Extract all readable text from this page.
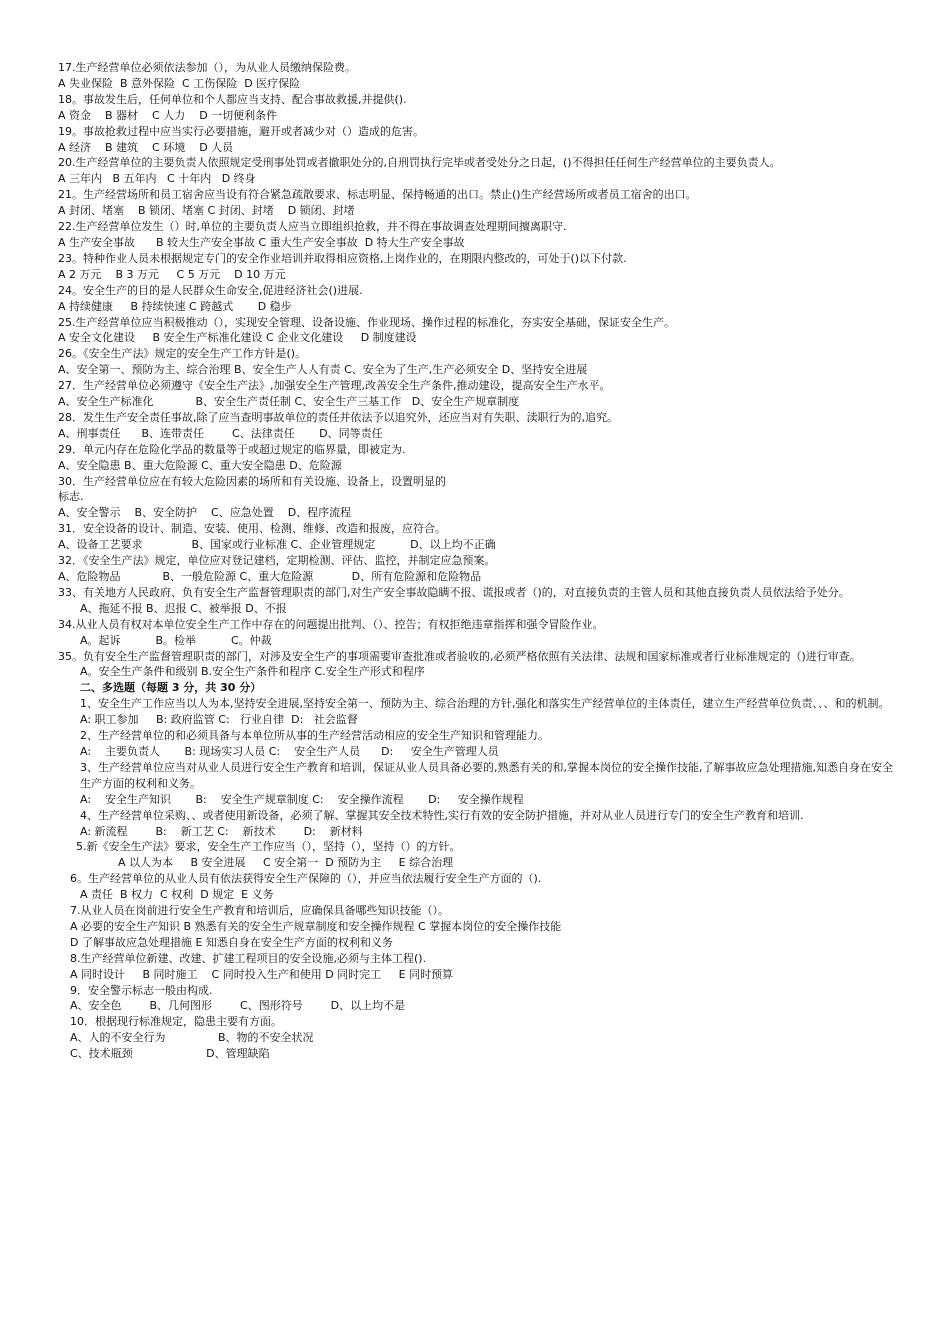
17.生产经营单位必须依法参加（），为从业人员缴纳保险费。

A 失业保险  B 意外保险  C 工伤保险  D 医疗保险

18。事故发生后，任何单位和个人都应当支持、配合事故救援,并提供().

A 资金    B 器材    C 人力    D 一切便利条件

19。事故抢救过程中应当实行必要措施，避开或者减少对（）造成的危害。

A 经济    B 建筑    C 环境    D 人员

20.生产经营单位的主要负责人依照规定受刑事处罚或者撤职处分的,自刑罚执行完毕或者受处分之日起，()不得担任任何生产经营单位的主要负责人。

A 三年内   B 五年内   C 十年内   D 终身

21。生产经营场所和员工宿舍应当设有符合紧急疏散要求、标志明显、保持畅通的出口。禁止()生产经营场所或者员工宿舍的出口。

A 封闭、堵塞    B 锁闭、堵塞 C 封闭、封堵    D 锁闭、封堵

22.生产经营单位发生（）时,单位的主要负责人应当立即组织抢救，并不得在事故调查处理期间擅离职守.

A 生产安全事故      B 较大生产安全事故 C 重大生产安全事故  D 特大生产安全事故

23。特种作业人员未根据规定专门的安全作业培训并取得相应资格,上岗作业的，在期限内整改的，可处于()以下付款.

A 2 万元    B 3 万元     C 5 万元    D 10 万元

24。安全生产的目的是人民群众生命安全,促进经济社会()进展.

A 持续健康     B 持续快速 C 跨越式       D 稳步

25.生产经营单位应当积极推动（），实现安全管理、设备设施、作业现场、操作过程的标准化，夯实安全基础，保证安全生产。

A 安全文化建设     B 安全生产标准化建设 C 企业文化建设     D 制度建设

26。《安全生产法》规定的安全生产工作方针是()。

A、安全第一、预防为主、综合治理 B、安全生产人人有责 C、安全为了生产,生产必须安全 D、坚持安全进展

27．生产经营单位必须遵守《安全生产法》,加强安全生产管理,改善安全生产条件,推动建设，提高安全生产水平。

A、安全生产标准化            B、安全生产责任制 C、安全生产三基工作   D、安全生产规章制度

28．发生生产安全责任事故,除了应当查明事故单位的责任并依法予以追究外，还应当对有失职、渎职行为的,追究。

A、刑事责任      B、连带责任        C、法律责任       D、同等责任

29．单元内存在危险化学品的数量等于或超过规定的临界量，即被定为.

A、安全隐患 B、重大危险源 C、重大安全隐患 D、危险源

30．生产经营单位应在有较大危险因素的场所和有关设施、设备上，设置明显的

标志.

A、安全警示    B、安全防护    C、应急处置    D、程序流程

31．安全设备的设计、制造、安装、使用、检测、维修、改造和报废，应符合。

A、设备工艺要求              B、国家或行业标准 C、企业管理规定          D、以上均不正确

32．《安全生产法》规定，单位应对登记建档，定期检测、评估、监控，并制定应急预案。

A、危险物品            B、一般危险源 C、重大危险源           D、所有危险源和危险物品

33、有关地方人民政府、负有安全生产监督管理职责的部门,对生产安全事故隐瞒不报、谎报或者（)的，对直接负责的主管人员和其他直接负责人员依法给予处分。

A、拖延不报 B、迟报 C、被举报 D、不报

34.从业人员有权对本单位安全生产工作中存在的问题提出批判、（）、控告；有权拒绝违章指挥和强令冒险作业。

A。起诉          B。检举          C。仲裁

35。负有安全生产监督管理职责的部门，对涉及安全生产的事项需要审查批准或者验收的,必须严格依照有关法律、法规和国家标准或者行业标准规定的（)进行审查。

A。安全生产条件和级别 B.安全生产条件和程序 C.安全生产形式和程序

二、多选题（每题 3 分，共 30 分）

1、安全生产工作应当以人为本,坚持安全进展,坚持安全第一、预防为主、综合治理的方针,强化和落实生产经营单位的主体责任，建立生产经营单位负责、、、和的机制。

A: 职工参加     B: 政府监管 C:   行业自律  D:   社会监督

2、生产经营单位的和必须具备与本单位所从事的生产经营活动相应的安全生产知识和管理能力。

A:    主要负责人       B: 现场实习人员 C:    安全生产人员      D:     安全生产管理人员

3、生产经营单位应当对从业人员进行安全生产教育和培训，保证从业人员具备必要的,熟悉有关的和,掌握本岗位的安全操作技能,了解事故应急处理措施,知悉自身在安全生产方面的权利和义务。

A:    安全生产知识       B:    安全生产规章制度 C:    安全操作流程       D:     安全操作规程

4、生产经营单位采购、、或者使用新设备，必须了解、掌握其安全技术特性,实行有效的安全防护措施，并对从业人员进行专门的安全生产教育和培训.

A: 新流程        B:    新工艺 C:    新技术        D:    新材料

5.新《安全生产法》要求，安全生产工作应当（），坚持（），坚持（）的方针。

A 以人为本     B 安全进展     C 安全第一  D 预防为主     E 综合治理

6。生产经营单位的从业人员有依法获得安全生产保障的（），并应当依法履行安全生产方面的（).

A 责任  B 权力  C 权利  D 规定  E 义务

7.从业人员在岗前进行安全生产教育和培训后，应确保具备哪些知识技能（）。

A 必要的安全生产知识 B 熟悉有关的安全生产规章制度和安全操作规程 C 掌握本岗位的安全操作技能

D 了解事故应急处理措施 E 知悉自身在安全生产方面的权利和义务

8.生产经营单位新建、改建、扩建工程项目的安全设施,必须与主体工程().

A 同时设计     B 同时施工    C 同时投入生产和使用 D 同时完工     E 同时预算

9．安全警示标志一般由构成.

A、安全色        B、几何图形        C、图形符号        D、以上均不是

10．根据现行标准规定，隐患主要有方面。

A、人的不安全行为               B、物的不安全状况

C、技术瓶颈                     D、管理缺陷
